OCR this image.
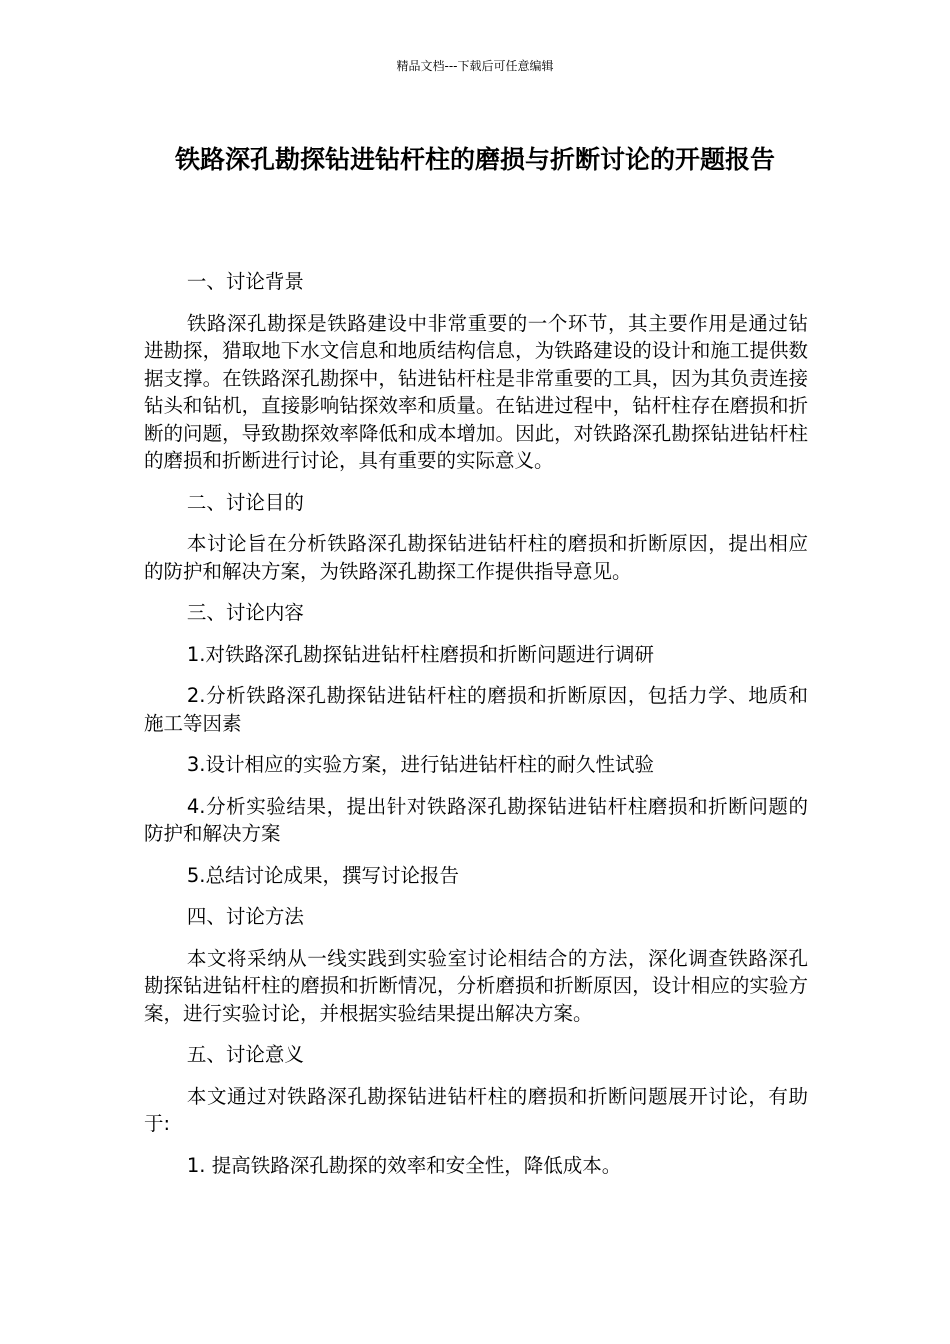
精品文档---下载后可任意编辑
铁路深孔勘探钻进钻杆柱的磨损与折断讨论的开题报告

一、讨论背景

铁路深孔勘探是铁路建设中非常重要的一个环节，其主要作用是通过钻进勘探，猎取地下水文信息和地质结构信息，为铁路建设的设计和施工提供数据支撑。在铁路深孔勘探中，钻进钻杆柱是非常重要的工具，因为其负责连接钻头和钻机，直接影响钻探效率和质量。在钻进过程中，钻杆柱存在磨损和折断的问题，导致勘探效率降低和成本增加。因此，对铁路深孔勘探钻进钻杆柱的磨损和折断进行讨论，具有重要的实际意义。

二、讨论目的

本讨论旨在分析铁路深孔勘探钻进钻杆柱的磨损和折断原因，提出相应的防护和解决方案，为铁路深孔勘探工作提供指导意见。

三、讨论内容

1.对铁路深孔勘探钻进钻杆柱磨损和折断问题进行调研

2.分析铁路深孔勘探钻进钻杆柱的磨损和折断原因，包括力学、地质和施工等因素

3.设计相应的实验方案，进行钻进钻杆柱的耐久性试验

4.分析实验结果，提出针对铁路深孔勘探钻进钻杆柱磨损和折断问题的防护和解决方案

5.总结讨论成果，撰写讨论报告

四、讨论方法

本文将采纳从一线实践到实验室讨论相结合的方法，深化调查铁路深孔勘探钻进钻杆柱的磨损和折断情况，分析磨损和折断原因，设计相应的实验方案，进行实验讨论，并根据实验结果提出解决方案。

五、讨论意义

本文通过对铁路深孔勘探钻进钻杆柱的磨损和折断问题展开讨论，有助于:

1. 提高铁路深孔勘探的效率和安全性，降低成本。
